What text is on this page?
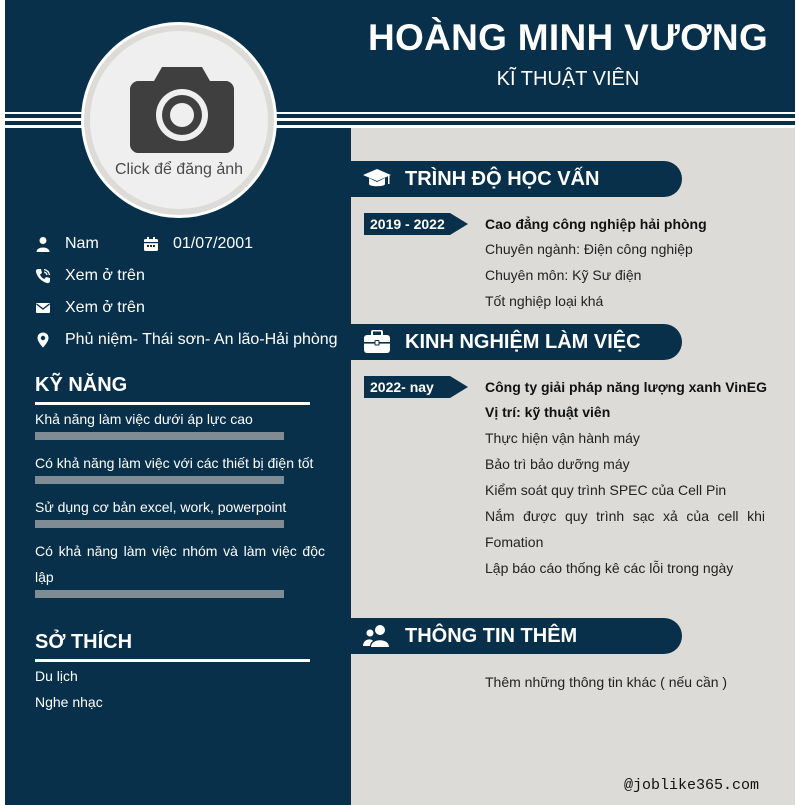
HOÀNG MINH VƯƠNG
KĨ THUẬT VIÊN
Nam	01/07/2001
Xem ở trên
Xem ở trên
Phủ niệm- Thái sơn- An lão-Hải phòng
KỸ NĂNG
Khả năng làm việc dưới áp lực cao
Có khả năng làm việc với các thiết bị điện tốt
Sử dụng cơ bản excel, work, powerpoint
Có khả năng làm việc nhóm và làm việc độc lập
SỞ THÍCH
Du lịch
Nghe nhạc
Click để đăng ảnh	TRÌNH ĐỘ HỌC VẤN
2019 - 2022	Cao đẳng công nghiệp hải phòng
Chuyên ngành: Điện công nghiệp
Chuyên môn: Kỹ Sư điện
Tốt nghiệp loại khá
KINH NGHIỆM LÀM VIỆC
2022- nay	Công ty giải pháp năng lượng xanh VinEG
Vị trí: kỹ thuật viên
Thực hiện vận hành máy
Bảo trì bảo dưỡng máy
Kiểm soát quy trình SPEC của Cell Pin
Nắm được quy trình sạc xả của cell khi Fomation
Lập báo cáo thống kê các lỗi trong ngày
THÔNG TIN THÊM
Thêm những thông tin khác ( nếu cần )
@joblike365.com
